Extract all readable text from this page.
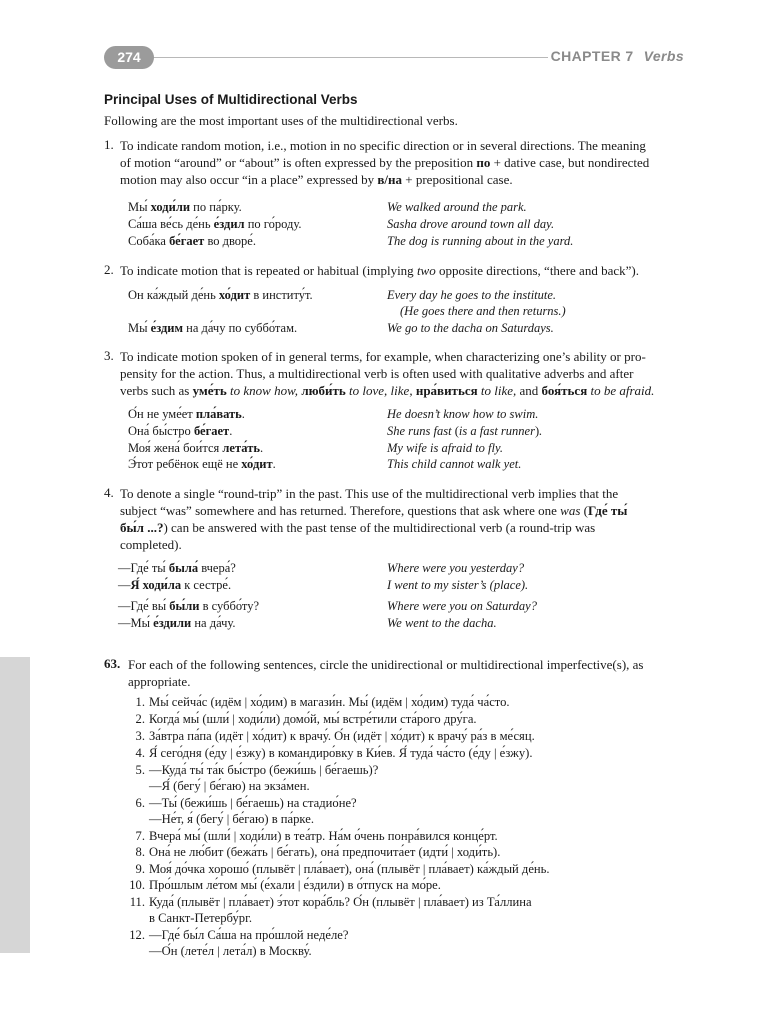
274	CHAPTER 7 Verbs
Principal Uses of Multidirectional Verbs
Following are the most important uses of the multidirectional verbs.
1. To indicate random motion, i.e., motion in no specific direction or in several directions. The meaning
of motion “around” or “about” is often expressed by the preposition по + dative case, but nondirected
motion may also occur “in a place” expressed by в/на + prepositional case.
Мы́ ходи́ли по па́рку.	We walked around the park.
Са́ша ве́сь де́нь е́здил по го́роду.	Sasha drove around town all day.
Соба́ка бе́гает во дворе́.	The dog is running about in the yard.
2. To indicate motion that is repeated or habitual (implying two opposite directions, “there and back”).
Он ка́ждый де́нь хо́дит в институ́т.	Every day he goes to the institute.
(He goes there and then returns.)
Мы́ е́здим на да́чу по суббо́там.	We go to the dacha on Saturdays.
3. To indicate motion spoken of in general terms, for example, when characterizing one’s ability or pro-
pensity for the action. Thus, a multidirectional verb is often used with qualitative adverbs and after
verbs such as уме́ть to know how, люби́ть to love, like, нра́виться to like, and боя́ться to be afraid.
О́н не уме́ет пла́вать.	He doesn’t know how to swim.
Она́ бы́стро бе́гает.	She runs fast (is a fast runner).
Моя́ жена́ бои́тся лета́ть.	My wife is afraid to fly.
Э́тот ребёнок ещё не хо́дит.	This child cannot walk yet.
4. To denote a single “round-trip” in the past. This use of the multidirectional verb implies that the
subject “was” somewhere and has returned. Therefore, questions that ask where one was (Где́ ты́
бы́л ...?) can be answered with the past tense of the multidirectional verb (a round-trip was
completed).
—Где́ ты́ была́ вчера́?	Where were you yesterday?
—Я́ ходи́ла к сестре́.	I went to my sister’s (place).
—Где́ вы́ бы́ли в суббо́ту?	Where were you on Saturday?
—Мы́ е́здили на да́чу.	We went to the dacha.
63. For each of the following sentences, circle the unidirectional or multidirectional imperfective(s), as
appropriate.
1. Мы́ сейча́с (идём | хо́дим) в магази́н. Мы́ (идём | хо́дим) туда́ ча́сто.
2. Когда́ мы́ (шли́ | ходи́ли) домо́й, мы́ встре́тили ста́рого дру́га.
3. За́втра па́па (идёт | хо́дит) к врачу́. О́н (идёт | хо́дит) к врачу́ ра́з в ме́сяц.
4. Я́ сего́дня (е́ду | е́зжу) в командиро́вку в Ки́ев. Я́ туда́ ча́сто (е́ду | е́зжу).
5. —Куда́ ты́ та́к бы́стро (бежи́шь | бе́гаешь)?
—Я́ (бегу́ | бе́гаю) на экза́мен.
6. —Ты́ (бежи́шь | бе́гаешь) на стадио́не?
—Не́т, я́ (бегу́ | бе́гаю) в па́рке.
7. Вчера́ мы́ (шли́ | ходи́ли) в теа́тр. На́м о́чень понра́вился конце́рт.
8. Она́ не лю́бит (бежа́ть | бе́гать), она́ предпочита́ет (идти́ | ходи́ть).
9. Моя́ до́чка хорошо́ (плывёт | пла́вает), она́ (плывёт | пла́вает) ка́ждый де́нь.
10. Про́шлым ле́том мы́ (е́хали | е́здили) в о́тпуск на мо́ре.
11. Куда́ (плывёт | пла́вает) э́тот кора́бль? О́н (плывёт | пла́вает) из Та́ллина
в Санкт-Петербу́рг.
12. —Где́ бы́л Са́ша на про́шлой неде́ле?
—О́н (лете́л | лета́л) в Москву́.
